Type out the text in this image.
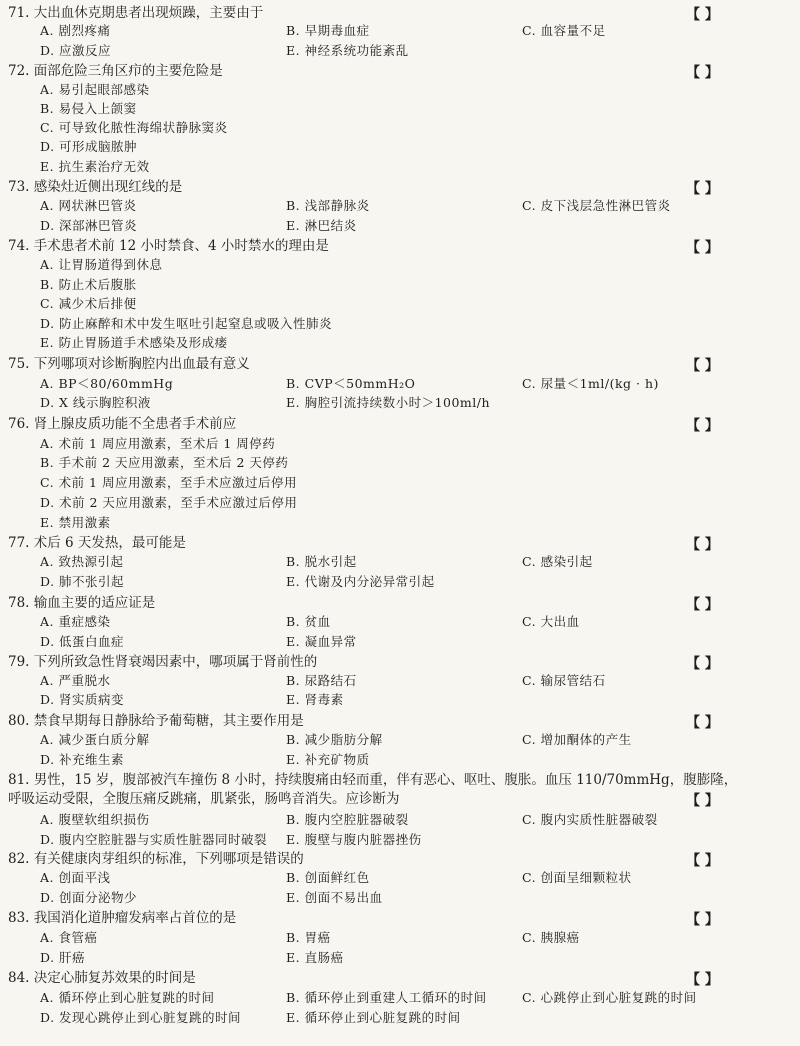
71. 大出血休克期患者出现烦躁，主要由于	【 】
A. 剧烈疼痛	B. 早期毒血症	C. 血容量不足
D. 应激反应	E. 神经系统功能紊乱
72. 面部危险三角区疖的主要危险是	【 】
A. 易引起眼部感染
B. 易侵入上颌窦
C. 可导致化脓性海绵状静脉窦炎
D. 可形成脑脓肿
E. 抗生素治疗无效
73. 感染灶近侧出现红线的是	【 】
A. 网状淋巴管炎	B. 浅部静脉炎	C. 皮下浅层急性淋巴管炎
D. 深部淋巴管炎	E. 淋巴结炎
74. 手术患者术前 12 小时禁食、4 小时禁水的理由是	【 】
A. 让胃肠道得到休息
B. 防止术后腹胀
C. 减少术后排便
D. 防止麻醉和术中发生呕吐引起窒息或吸入性肺炎
E. 防止胃肠道手术感染及形成瘘
75. 下列哪项对诊断胸腔内出血最有意义	【 】
A. BP＜80/60mmHg	B. CVP＜50mmH₂O	C. 尿量＜1ml/(kg · h)
D. X 线示胸腔积液	E. 胸腔引流持续数小时＞100ml/h
76. 肾上腺皮质功能不全患者手术前应	【 】
A. 术前 1 周应用激素，至术后 1 周停药
B. 手术前 2 天应用激素，至术后 2 天停药
C. 术前 1 周应用激素，至手术应激过后停用
D. 术前 2 天应用激素，至手术应激过后停用
E. 禁用激素
77. 术后 6 天发热，最可能是	【 】
A. 致热源引起	B. 脱水引起	C. 感染引起
D. 肺不张引起	E. 代谢及内分泌异常引起
78. 输血主要的适应证是	【 】
A. 重症感染	B. 贫血	C. 大出血
D. 低蛋白血症	E. 凝血异常
79. 下列所致急性肾衰竭因素中，哪项属于肾前性的	【 】
A. 严重脱水	B. 尿路结石	C. 输尿管结石
D. 肾实质病变	E. 肾毒素
80. 禁食早期每日静脉给予葡萄糖，其主要作用是	【 】
A. 减少蛋白质分解	B. 减少脂肪分解	C. 增加酮体的产生
D. 补充维生素	E. 补充矿物质
81. 男性，15 岁，腹部被汽车撞伤 8 小时，持续腹痛由轻而重，伴有恶心、呕吐、腹胀。血压 110/70mmHg，腹膨隆，
呼吸运动受限，全腹压痛反跳痛，肌紧张，肠鸣音消失。应诊断为	【 】
A. 腹壁软组织损伤	B. 腹内空腔脏器破裂	C. 腹内实质性脏器破裂
D. 腹内空腔脏器与实质性脏器同时破裂 E. 腹壁与腹内脏器挫伤
82. 有关健康肉芽组织的标准，下列哪项是错误的	【 】
A. 创面平浅	B. 创面鲜红色	C. 创面呈细颗粒状
D. 创面分泌物少	E. 创面不易出血
83. 我国消化道肿瘤发病率占首位的是	【 】
A. 食管癌	B. 胃癌	C. 胰腺癌
D. 肝癌	E. 直肠癌
84. 决定心肺复苏效果的时间是	【 】
A. 循环停止到心脏复跳的时间	B. 循环停止到重建人工循环的时间	C. 心跳停止到心脏复跳的时间
D. 发现心跳停止到心脏复跳的时间	E. 循环停止到心脏复跳的时间
